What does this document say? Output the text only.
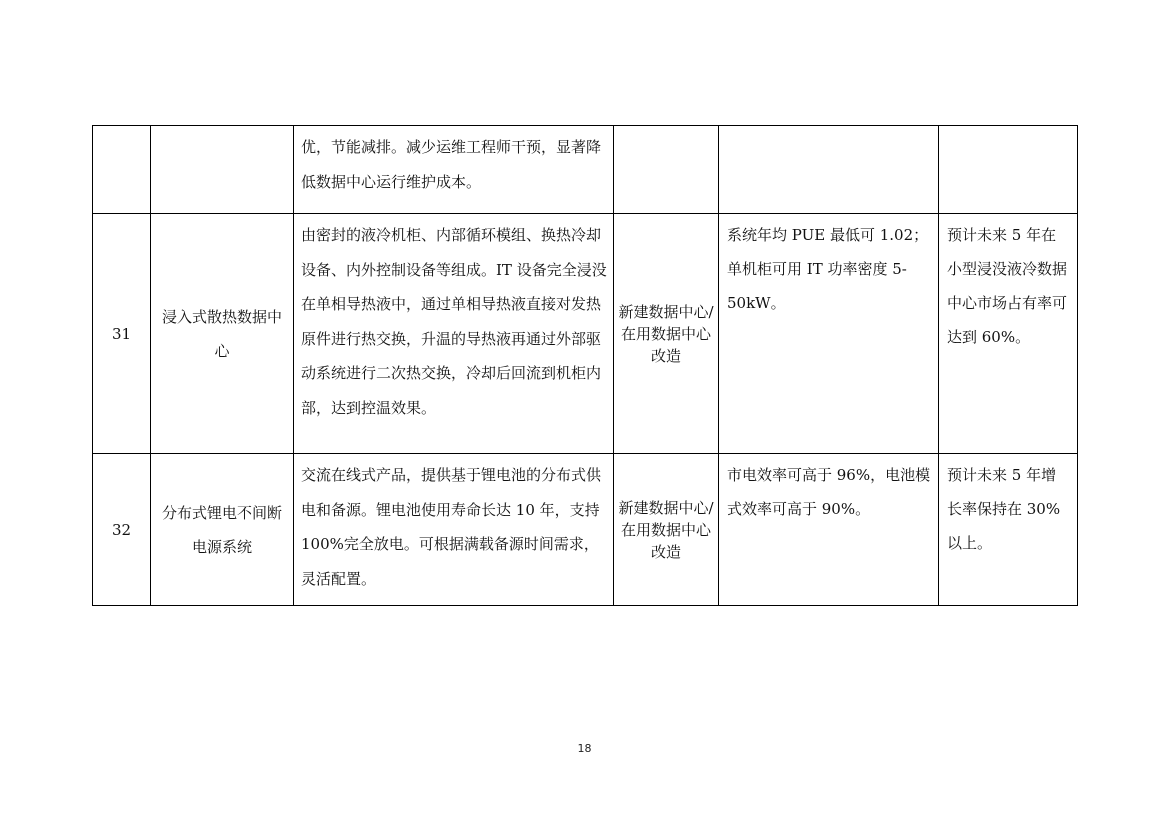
		优，节能减排。减少运维工程师干预，显著降低数据中心运行维护成本。			
31	浸入式散热数据中心	由密封的液冷机柜、内部循环模组、换热冷却设备、内外控制设备等组成。IT 设备完全浸没在单相导热液中，通过单相导热液直接对发热原件进行热交换，升温的导热液再通过外部驱动系统进行二次热交换，冷却后回流到机柜内部，达到控温效果。	新建数据中心/在用数据中心改造	系统年均 PUE 最低可 1.02；单机柜可用 IT 功率密度 5-50kW。	预计未来 5 年在小型浸没液冷数据中心市场占有率可达到 60%。
32	分布式锂电不间断电源系统	交流在线式产品，提供基于锂电池的分布式供电和备源。锂电池使用寿命长达 10 年，支持 100%完全放电。可根据满载备源时间需求，灵活配置。	新建数据中心/在用数据中心改造	市电效率可高于 96%，电池模式效率可高于 90%。	预计未来 5 年增长率保持在 30%以上。
18
